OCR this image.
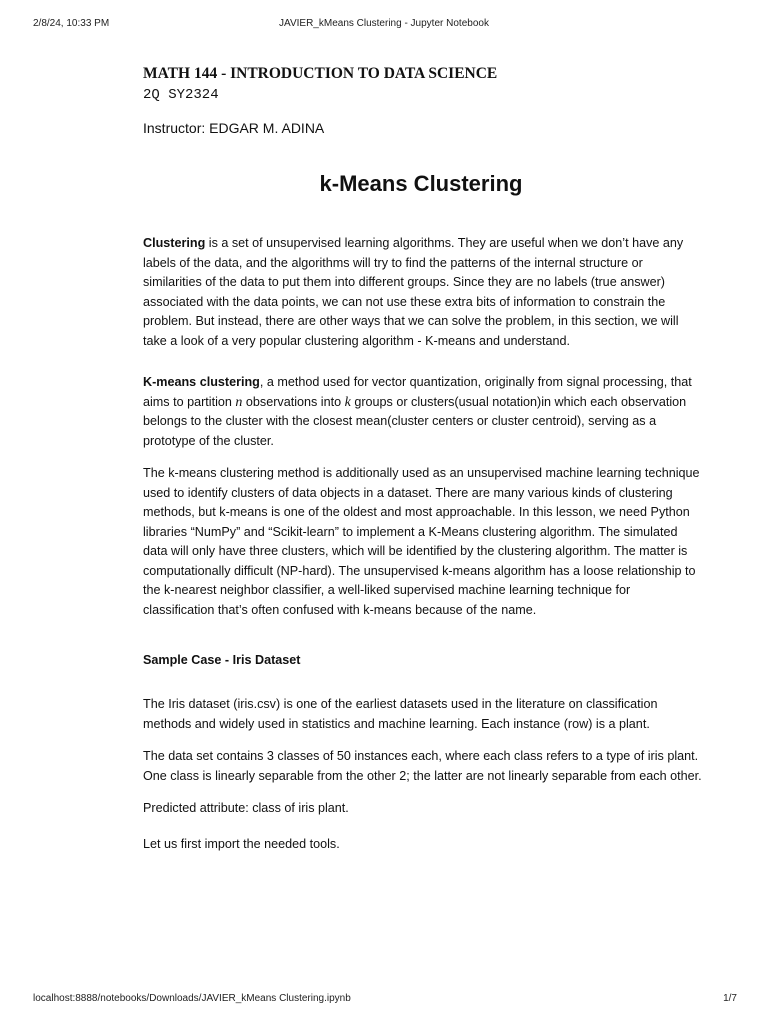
2/8/24, 10:33 PM	JAVIER_kMeans Clustering - Jupyter Notebook
MATH 144 - INTRODUCTION TO DATA SCIENCE
2Q SY2324
Instructor: EDGAR M. ADINA
k-Means Clustering

Clustering is a set of unsupervised learning algorithms. They are useful when we don’t have any labels of the data, and the algorithms will try to find the patterns of the internal structure or similarities of the data to put them into different groups. Since they are no labels (true answer) associated with the data points, we can not use these extra bits of information to constrain the problem. But instead, there are other ways that we can solve the problem, in this section, we will take a look of a very popular clustering algorithm - K-means and understand.

K-means clustering, a method used for vector quantization, originally from signal processing, that aims to partition n observations into k groups or clusters(usual notation)in which each observation belongs to the cluster with the closest mean(cluster centers or cluster centroid), serving as a prototype of the cluster.

The k-means clustering method is additionally used as an unsupervised machine learning technique used to identify clusters of data objects in a dataset. There are many various kinds of clustering methods, but k-means is one of the oldest and most approachable. In this lesson, we need Python libraries “NumPy” and “Scikit-learn” to implement a K-Means clustering algorithm. The simulated data will only have three clusters, which will be identified by the clustering algorithm. The matter is computationally difficult (NP-hard). The unsupervised k-means algorithm has a loose relationship to the k-nearest neighbor classifier, a well-liked supervised machine learning technique for classification that’s often confused with k-means because of the name.

Sample Case - Iris Dataset

The Iris dataset (iris.csv) is one of the earliest datasets used in the literature on classification methods and widely used in statistics and machine learning. Each instance (row) is a plant.

The data set contains 3 classes of 50 instances each, where each class refers to a type of iris plant. One class is linearly separable from the other 2; the latter are not linearly separable from each other.

Predicted attribute: class of iris plant.

Let us first import the needed tools.

localhost:8888/notebooks/Downloads/JAVIER_kMeans Clustering.ipynb	1/7
